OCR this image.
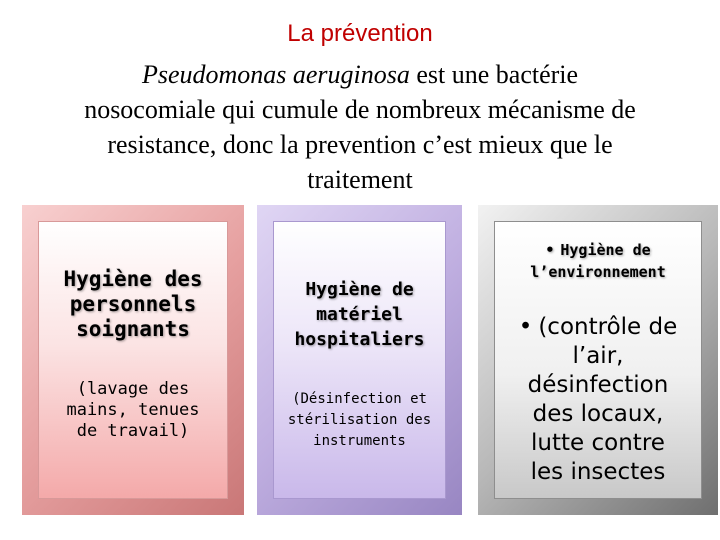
La prévention
Pseudomonas aeruginosa est une bactérie
nosocomiale qui cumule de nombreux mécanisme de
resistance, donc la prevention c’est mieux que le
traitement
Hygiène des
personnels
soignants
(lavage des
mains, tenues
de travail)
Hygiène de
matériel
hospitaliers
(Désinfection et
stérilisation des
instruments
• Hygiène de
l’environnement
• (contrôle de
l’air,
désinfection
des locaux,
lutte contre
les insectes
